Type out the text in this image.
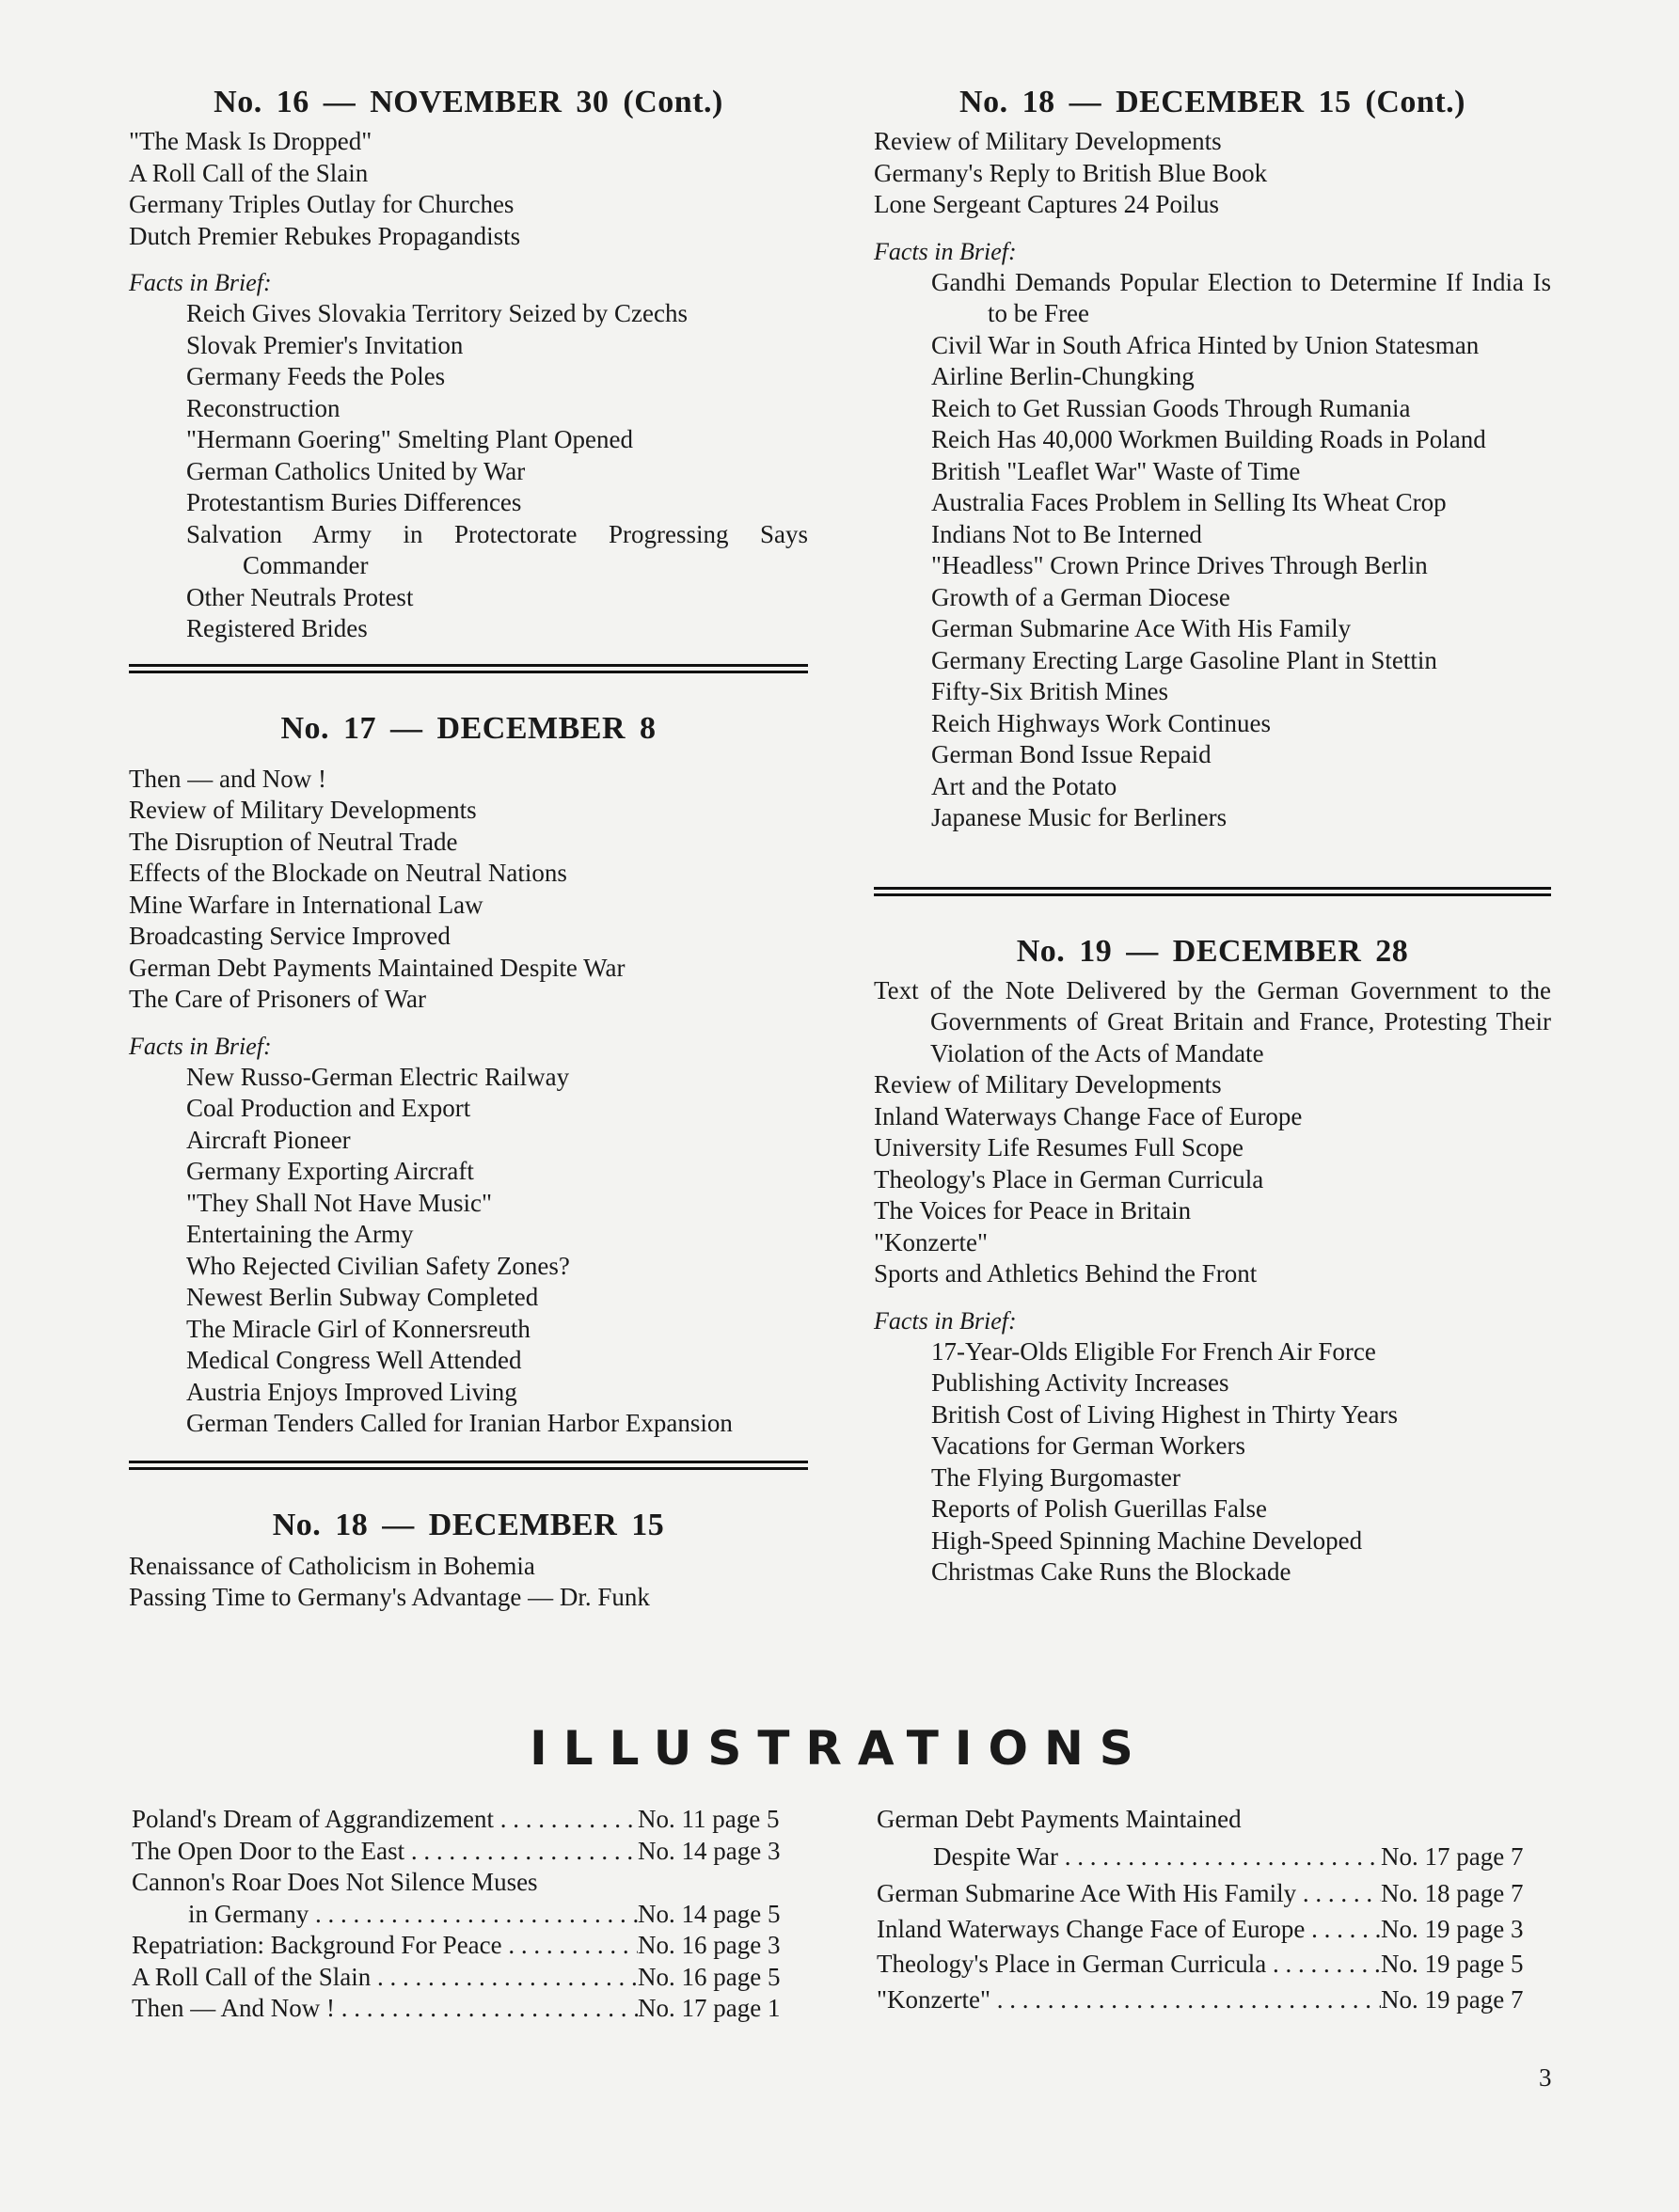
No. 16 — NOVEMBER 30 (Cont.)
"The Mask Is Dropped"
A Roll Call of the Slain
Germany Triples Outlay for Churches
Dutch Premier Rebukes Propagandists
Facts in Brief:
Reich Gives Slovakia Territory Seized by Czechs
Slovak Premier's Invitation
Germany Feeds the Poles
Reconstruction
"Hermann Goering" Smelting Plant Opened
German Catholics United by War
Protestantism Buries Differences
Salvation Army in Protectorate Progressing Says Commander
Other Neutrals Protest
Registered Brides
No. 17 — DECEMBER 8
Then — and Now !
Review of Military Developments
The Disruption of Neutral Trade
Effects of the Blockade on Neutral Nations
Mine Warfare in International Law
Broadcasting Service Improved
German Debt Payments Maintained Despite War
The Care of Prisoners of War
Facts in Brief:
New Russo-German Electric Railway
Coal Production and Export
Aircraft Pioneer
Germany Exporting Aircraft
"They Shall Not Have Music"
Entertaining the Army
Who Rejected Civilian Safety Zones?
Newest Berlin Subway Completed
The Miracle Girl of Konnersreuth
Medical Congress Well Attended
Austria Enjoys Improved Living
German Tenders Called for Iranian Harbor Expansion
No. 18 — DECEMBER 15
Renaissance of Catholicism in Bohemia
Passing Time to Germany's Advantage — Dr. Funk
No. 18 — DECEMBER 15 (Cont.)
Review of Military Developments
Germany's Reply to British Blue Book
Lone Sergeant Captures 24 Poilus
Facts in Brief:
Gandhi Demands Popular Election to Determine If India Is to be Free
Civil War in South Africa Hinted by Union Statesman
Airline Berlin-Chungking
Reich to Get Russian Goods Through Rumania
Reich Has 40,000 Workmen Building Roads in Poland
British "Leaflet War" Waste of Time
Australia Faces Problem in Selling Its Wheat Crop
Indians Not to Be Interned
"Headless" Crown Prince Drives Through Berlin
Growth of a German Diocese
German Submarine Ace With His Family
Germany Erecting Large Gasoline Plant in Stettin
Fifty-Six British Mines
Reich Highways Work Continues
German Bond Issue Repaid
Art and the Potato
Japanese Music for Berliners
No. 19 — DECEMBER 28
Text of the Note Delivered by the German Government to the Governments of Great Britain and France, Protesting Their Violation of the Acts of Mandate
Review of Military Developments
Inland Waterways Change Face of Europe
University Life Resumes Full Scope
Theology's Place in German Curricula
The Voices for Peace in Britain
"Konzerte"
Sports and Athletics Behind the Front
Facts in Brief:
17-Year-Olds Eligible For French Air Force
Publishing Activity Increases
British Cost of Living Highest in Thirty Years
Vacations for German Workers
The Flying Burgomaster
Reports of Polish Guerillas False
High-Speed Spinning Machine Developed
Christmas Cake Runs the Blockade
ILLUSTRATIONS
Poland's Dream of Aggrandizement . . .	No. 11 page 5
The Open Door to the East . . .	No. 14 page 3
Cannon's Roar Does Not Silence Muses
in Germany . . .	No. 14 page 5
Repatriation: Background For Peace . . .	No. 16 page 3
A Roll Call of the Slain . . .	No. 16 page 5
Then — And Now ! . . .	No. 17 page 1
German Debt Payments Maintained
Despite War . . .	No. 17 page 7
German Submarine Ace With His Family . . .	No. 18 page 7
Inland Waterways Change Face of Europe . . .	No. 19 page 3
Theology's Place in German Curricula . . .	No. 19 page 5
"Konzerte" . . .	No. 19 page 7
3
